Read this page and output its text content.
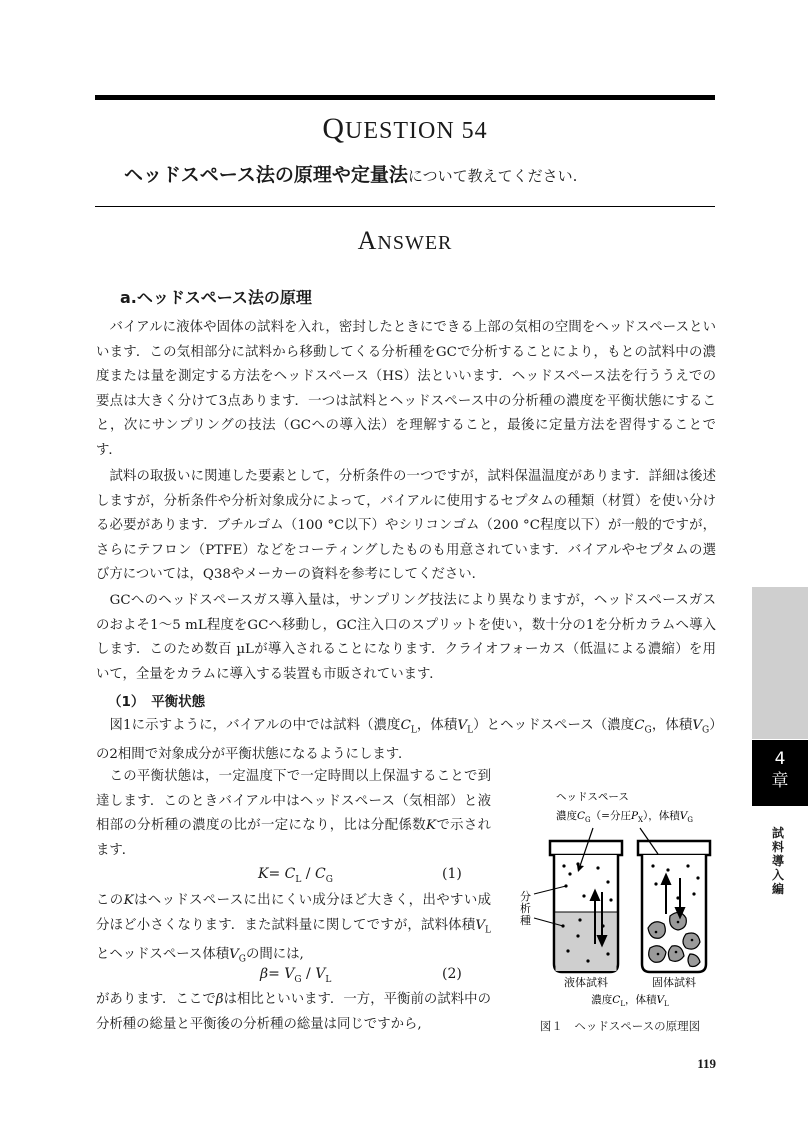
QUESTION 54
ヘッドスペース法の原理や定量法について教えてください.
ANSWER
a.ヘッドスペース法の原理

　バイアルに液体や固体の試料を入れ，密封したときにできる上部の気相の空間をヘッドスペースといいます．この気相部分に試料から移動してくる分析種をGCで分析することにより，もとの試料中の濃度または量を測定する方法をヘッドスペース（HS）法といいます．ヘッドスペース法を行ううえでの要点は大きく分けて3点あります．一つは試料とヘッドスペース中の分析種の濃度を平衡状態にすること，次にサンプリングの技法（GCへの導入法）を理解すること，最後に定量方法を習得することです．

　試料の取扱いに関連した要素として，分析条件の一つですが，試料保温温度があります．詳細は後述しますが，分析条件や分析対象成分によって，バイアルに使用するセプタムの種類（材質）を使い分ける必要があります．ブチルゴム（100 °C以下）やシリコンゴム（200 °C程度以下）が一般的ですが，さらにテフロン（PTFE）などをコーティングしたものも用意されています．バイアルやセプタムの選び方については，Q38やメーカーの資料を参考にしてください．

　GCへのヘッドスペースガス導入量は，サンプリング技法により異なりますが，ヘッドスペースガスのおよそ1～5 mL程度をGCへ移動し，GC注入口のスプリットを使い，数十分の1を分析カラムへ導入します．このため数百 µLが導入されることになります．クライオフォーカス（低温による濃縮）を用いて，全量をカラムに導入する装置も市販されています．

（1）　平衡状態

　図1に示すように，バイアルの中では試料（濃度$C_L$，体積$V_L$）とヘッドスペース（濃度$C_G$，体積$V_G$）の2相間で対象成分が平衡状態になるようにします．

　この平衡状態は，一定温度下で一定時間以上保温することで到達します．このときバイアル中はヘッドスペース（気相部）と液相部の分析種の濃度の比が一定になり，比は分配係数Kで示されます．

$K= C_L / C_G$	(1)

このKはヘッドスペースに出にくい成分ほど大きく，出やすい成分ほど小さくなります．また試料量に関してですが，試料体積$V_L$とヘッドスペース体積$V_G$の間には,

$\beta= V_G / V_L$	(2)

があります．ここでβは相比といいます．一方，平衡前の試料中の分析種の総量と平衡後の分析種の総量は同じですから,

ヘッドスペース
濃度$C_G(=$分圧$P_X$），体積$V_G$
分析種
液体試料	固体試料
濃度$C_L$，体積$V_L$
図１　ヘッドスペースの原理図
4
章
試料導入編
119
